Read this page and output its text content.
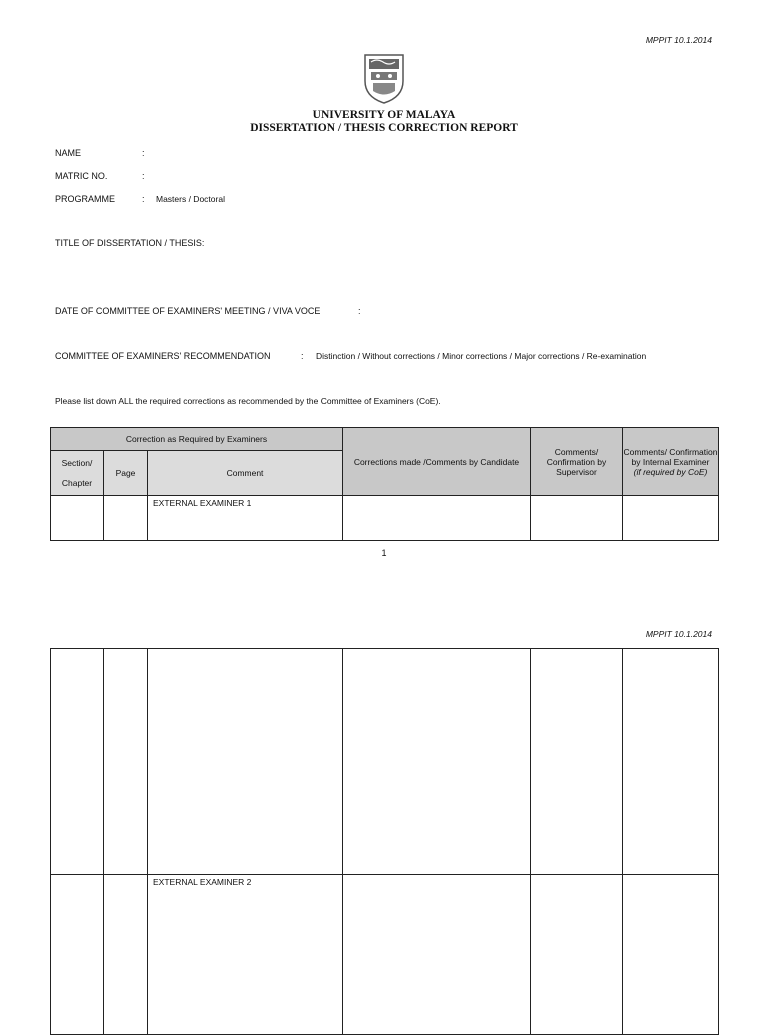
MPPIT 10.1.2014
UNIVERSITY OF MALAYA
DISSERTATION / THESIS CORRECTION REPORT
NAME	:
MATRIC NO.	:
PROGRAMME	: Masters / Doctoral
TITLE OF DISSERTATION / THESIS:
DATE OF COMMITTEE OF EXAMINERS' MEETING / VIVA VOCE	:
COMMITTEE OF EXAMINERS' RECOMMENDATION	: Distinction / Without corrections / Minor corrections / Major corrections / Re-examination
Please list down ALL the required corrections as recommended by the Committee of Examiners (CoE).
Correction as Required by Examiners			Corrections made /Comments by Candidate	Comments/ Confirmation by Supervisor	Comments/ Confirmation by Internal Examiner
(if required by CoE)
Section/

Chapter	Page	Comment			
		EXTERNAL EXAMINER 1			
1
MPPIT 10.1.2014

		EXTERNAL EXAMINER 2			
